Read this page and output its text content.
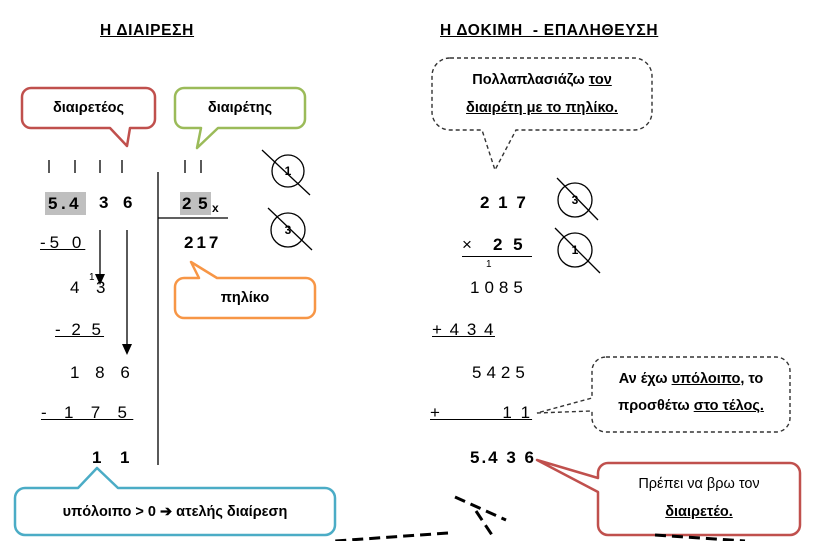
Η ΔΙΑΙΡΕΣΗ	Η ΔΟΚΙΜΗ  - ΕΠΑΛΗΘΕΥΣΗ
διαιρετέος	διαιρέτης
πηλίκο
υπόλοιπο > 0 ➔ ατελής διαίρεση
Πολλαπλασιάζω τον
διαιρέτη με το πηλίκο.
Αν έχω υπόλοιπο, το
προσθέτω στο τέλος.
Πρέπει να βρω τον
διαιρετέο.
5.4 3 6	2 5 x
217
-5 0
4
1
3
- 2 5
1 8 6
- 1 7 5
1 1
1
3
2 1 7
× 2 5
1
1085
+ 4 3 4
5425
+         1 1
5.4 3 6
3
1
